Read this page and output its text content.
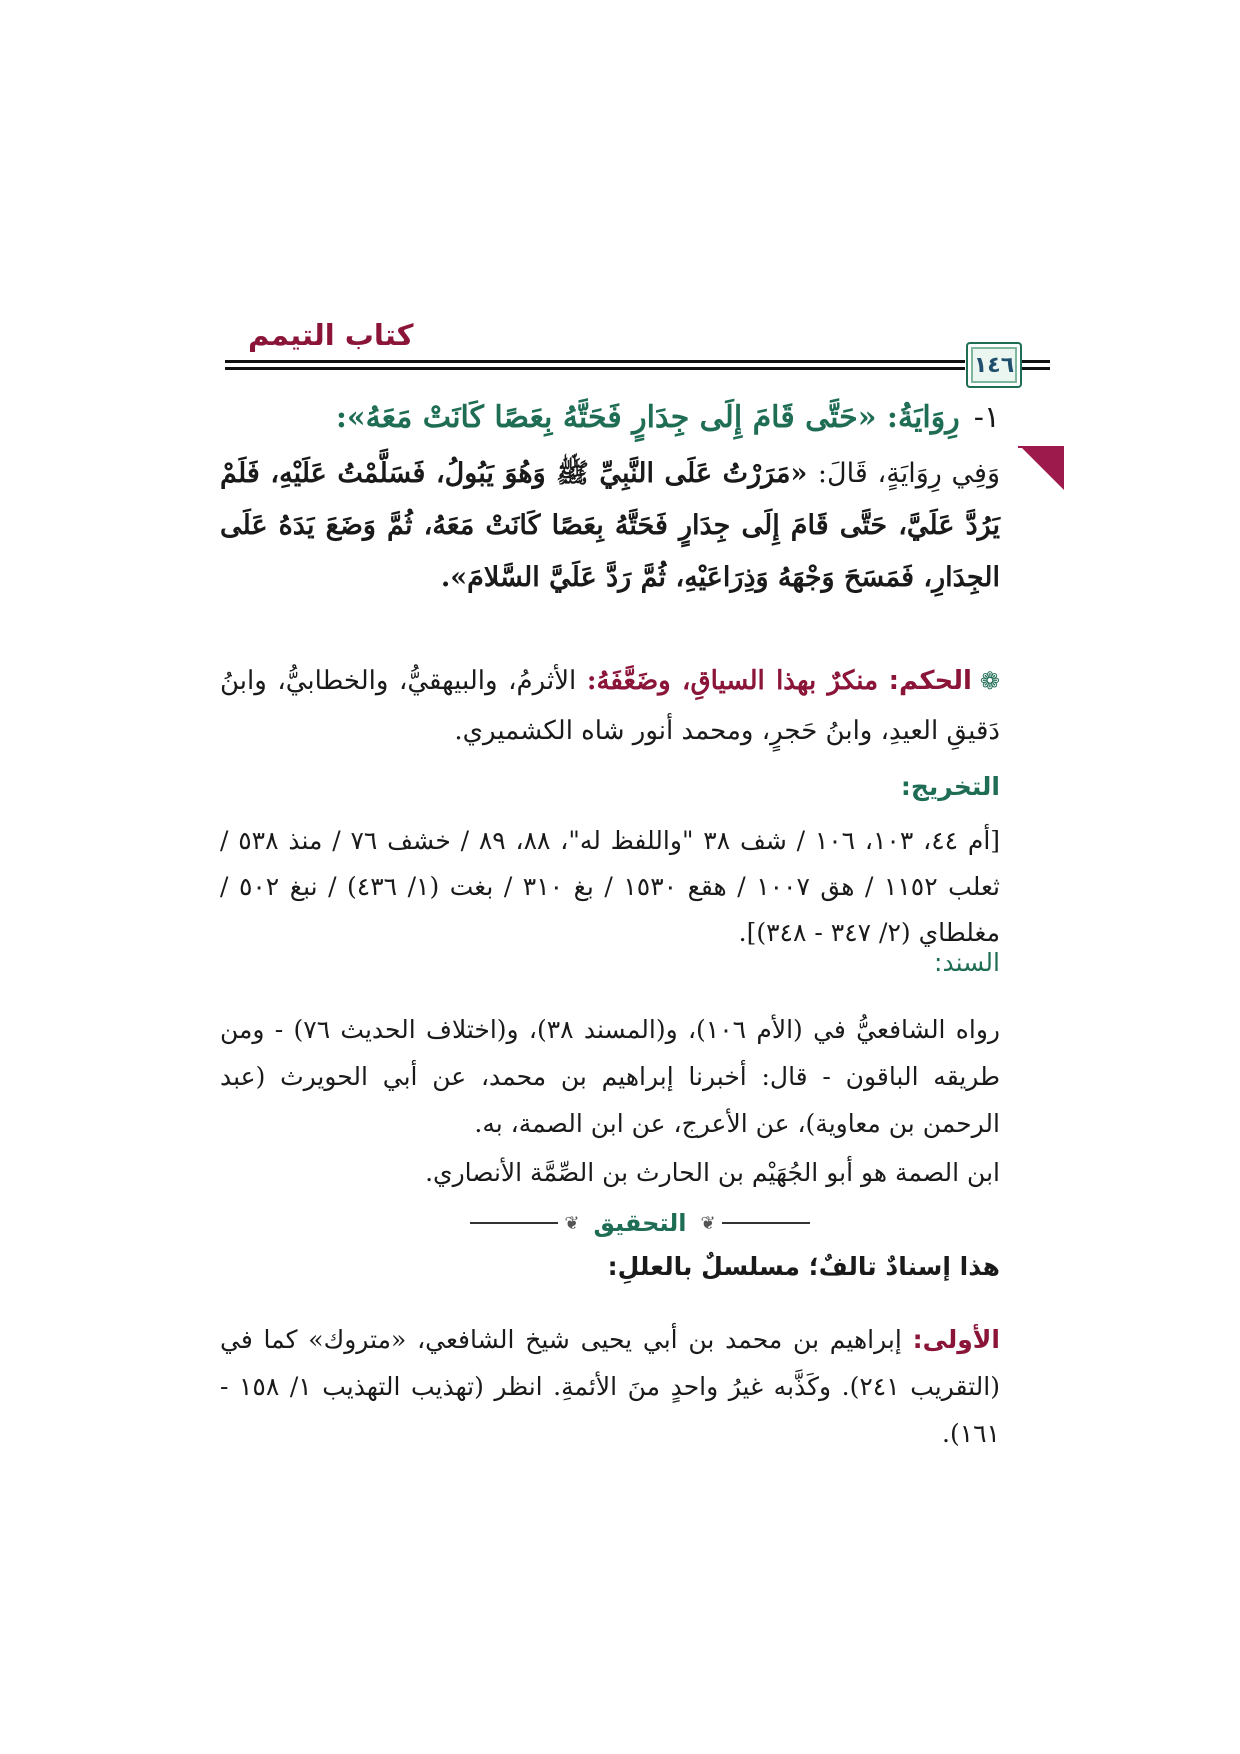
كتاب التيمم
١٤٦
١-رِوَايَةُ: «حَتَّى قَامَ إِلَى جِدَارٍ فَحَتَّهُ بِعَصًا كَانَتْ مَعَهُ»:
وَفِي رِوَايَةٍ، قَالَ: «مَرَرْتُ عَلَى النَّبِيِّ ﷺ وَهُوَ يَبُولُ، فَسَلَّمْتُ عَلَيْهِ، فَلَمْ يَرُدَّ عَلَيَّ، حَتَّى قَامَ إِلَى جِدَارٍ فَحَتَّهُ بِعَصًا كَانَتْ مَعَهُ، ثُمَّ وَضَعَ يَدَهُ عَلَى الجِدَارِ، فَمَسَحَ وَجْهَهُ وَذِرَاعَيْهِ، ثُمَّ رَدَّ عَلَيَّ السَّلامَ».
❁الحكم: منكرٌ بهذا السياقِ، وضَعَّفَهُ: الأثرمُ، والبيهقيُّ، والخطابيُّ، وابنُ دَقيقِ العيدِ، وابنُ حَجرٍ، ومحمد أنور شاه الكشميري.
التخريج:
[أم ٤٤، ١٠٣، ١٠٦ / شف ٣٨ "واللفظ له"، ٨٨، ٨٩ / خشف ٧٦ / منذ ٥٣٨ / ثعلب ١١٥٢ / هق ١٠٠٧ / هقع ١٥٣٠ / بغ ٣١٠ / بغت (١/ ٤٣٦) / نبغ ٥٠٢ / مغلطاي (٢/ ٣٤٧ - ٣٤٨)].
السند:
رواه الشافعيُّ في (الأم ١٠٦)، و(المسند ٣٨)، و(اختلاف الحديث ٧٦) - ومن طريقه الباقون - قال: أخبرنا إبراهيم بن محمد، عن أبي الحويرث (عبد الرحمن بن معاوية)، عن الأعرج، عن ابن الصمة، به.
ابن الصمة هو أبو الجُهَيْم بن الحارث بن الصِّمَّة الأنصاري.
❦
التحقيق
❦
هذا إسنادٌ تالفٌ؛ مسلسلٌ بالعللِ:
الأولى: إبراهيم بن محمد بن أبي يحيى شيخ الشافعي، «متروك» كما في (التقريب ٢٤١). وكَذَّبه غيرُ واحدٍ منَ الأئمةِ. انظر (تهذيب التهذيب ١/ ١٥٨ - ١٦١).
